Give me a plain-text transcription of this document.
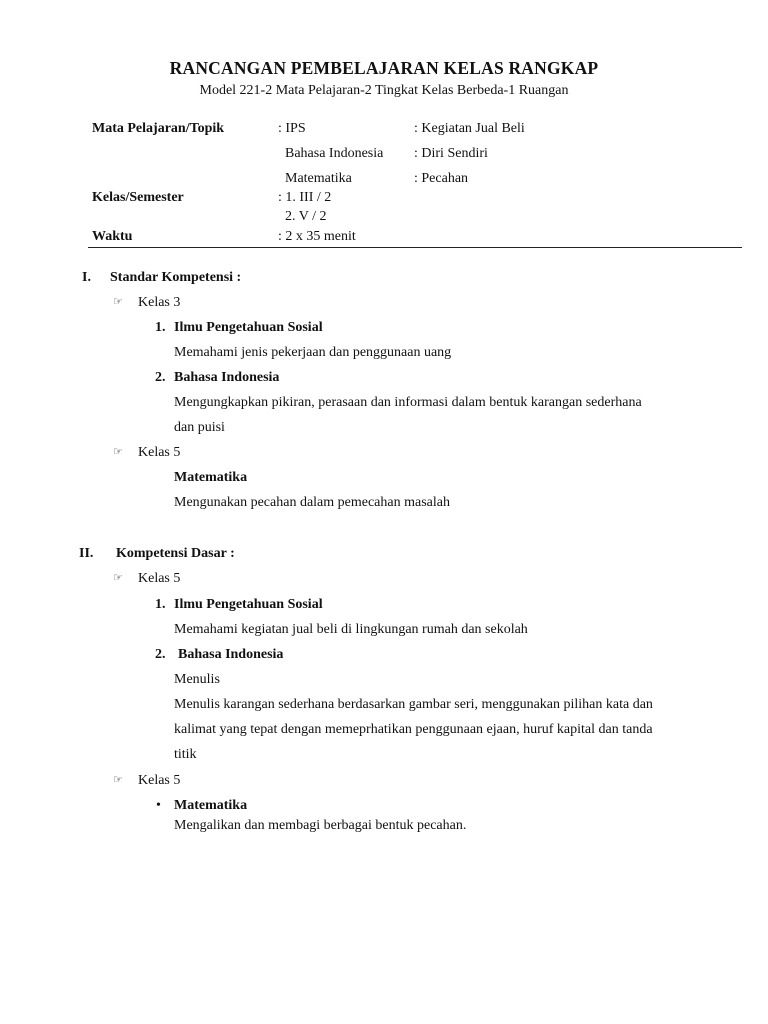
RANCANGAN PEMBELAJARAN KELAS RANGKAP
Model 221-2 Mata Pelajaran-2 Tingkat Kelas Berbeda-1 Ruangan
Mata Pelajaran/Topik	: IPS	: Kegiatan Jual Beli
Bahasa Indonesia : Diri Sendiri
Matematika	: Pecahan
Kelas/Semester	: 1. III / 2
2. V / 2
Waktu	: 2 x 35 menit
I. Standar Kompetensi :
☞ Kelas 3
1. Ilmu Pengetahuan Sosial
Memahami jenis pekerjaan dan penggunaan uang
2. Bahasa Indonesia
Mengungkapkan pikiran, perasaan dan informasi dalam bentuk karangan sederhana
dan puisi
☞ Kelas 5
Matematika
Mengunakan pecahan dalam pemecahan masalah
II. Kompetensi Dasar :
☞ Kelas 5
1. Ilmu Pengetahuan Sosial
Memahami kegiatan jual beli di lingkungan rumah dan sekolah
2. Bahasa Indonesia
Menulis
Menulis karangan sederhana berdasarkan gambar seri, menggunakan pilihan kata dan
kalimat yang tepat dengan memeprhatikan penggunaan ejaan, huruf kapital dan tanda
titik
☞ Kelas 5
• Matematika
Mengalikan dan membagi berbagai bentuk pecahan.
